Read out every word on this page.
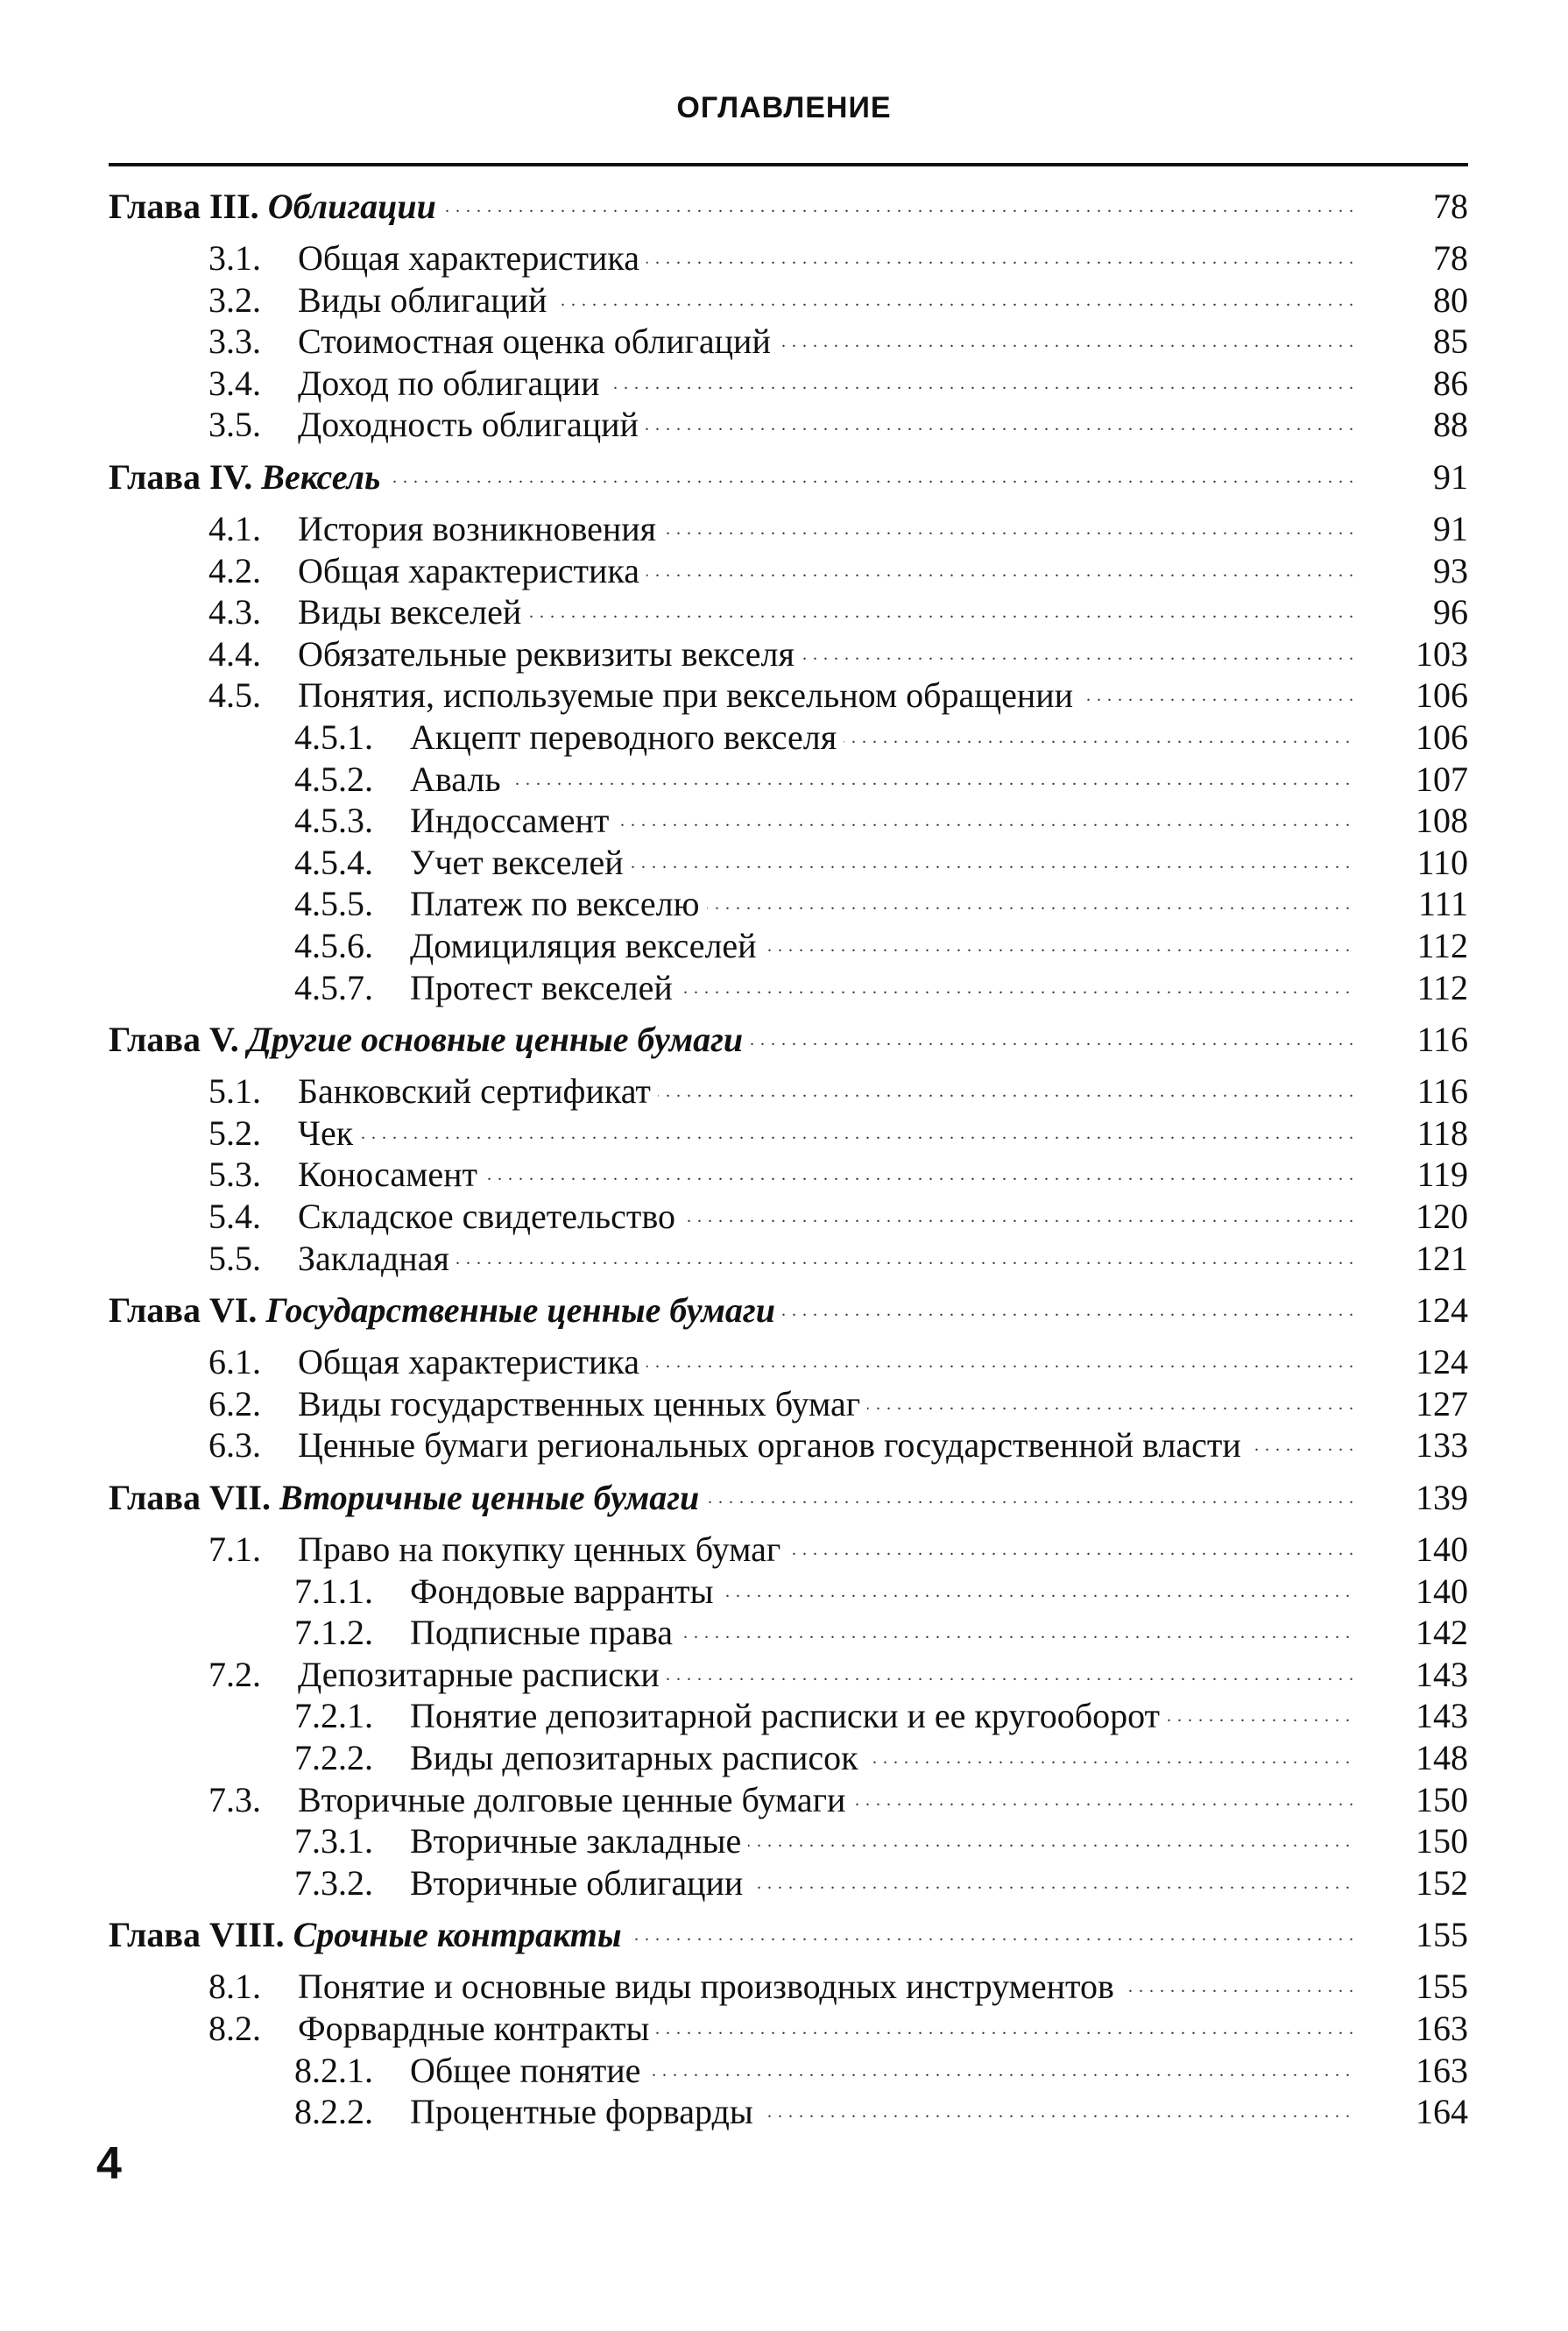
ОГЛАВЛЕНИЕ
Глава III. Облигации . . .	78
3.1. Общая характеристика . . .	78
3.2. Виды облигаций . . .	80
3.3. Стоимостная оценка облигаций . . .	85
3.4. Доход по облигации . . .	86
3.5. Доходность облигаций . . .	88
Глава IV. Вексель . . .	91
4.1. История возникновения . . .	91
4.2. Общая характеристика . . .	93
4.3. Виды векселей . . .	96
4.4. Обязательные реквизиты векселя . . .	103
4.5. Понятия, используемые при вексельном обращении . . .	106
4.5.1. Акцепт переводного векселя . . .	106
4.5.2. Аваль . . .	107
4.5.3. Индоссамент . . .	108
4.5.4. Учет векселей . . .	110
4.5.5. Платеж по векселю . . .	111
4.5.6. Домициляция векселей . . .	112
4.5.7. Протест векселей . . .	112
Глава V. Другие основные ценные бумаги . . .	116
5.1. Банковский сертификат . . .	116
5.2. Чек . . .	118
5.3. Коносамент . . .	119
5.4. Складское свидетельство . . .	120
5.5. Закладная . . .	121
Глава VI. Государственные ценные бумаги . . .	124
6.1. Общая характеристика . . .	124
6.2. Виды государственных ценных бумаг . . .	127
6.3. Ценные бумаги региональных органов государственной власти . . .	133
Глава VII. Вторичные ценные бумаги . . .	139
7.1. Право на покупку ценных бумаг . . .	140
7.1.1. Фондовые варранты . . .	140
7.1.2. Подписные права . . .	142
7.2. Депозитарные расписки . . .	143
7.2.1. Понятие депозитарной расписки и ее кругооборот . . .	143
7.2.2. Виды депозитарных расписок . . .	148
7.3. Вторичные долговые ценные бумаги . . .	150
7.3.1. Вторичные закладные . . .	150
7.3.2. Вторичные облигации . . .	152
Глава VIII. Срочные контракты . . .	155
8.1. Понятие и основные виды производных инструментов . . .	155
8.2. Форвардные контракты . . .	163
8.2.1. Общее понятие . . .	163
8.2.2. Процентные форварды . . .	164
4
